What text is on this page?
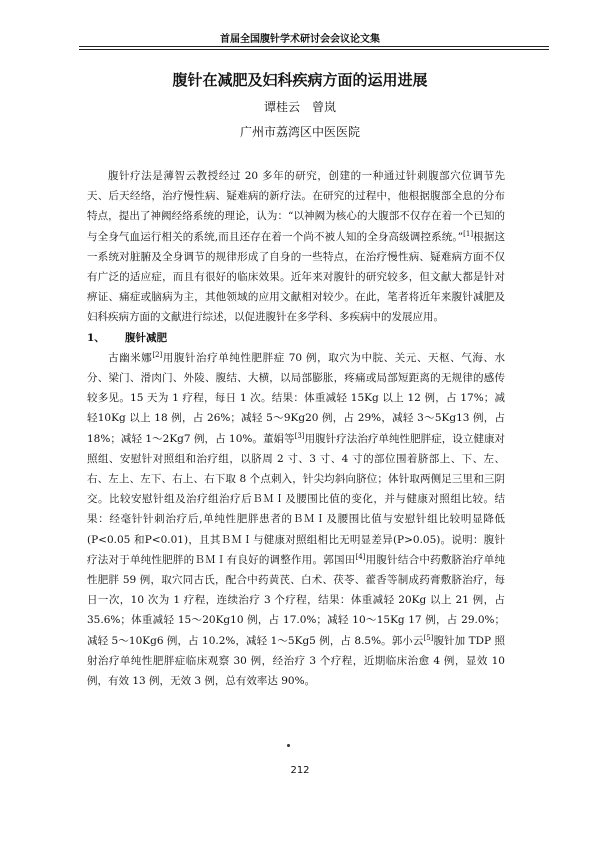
首届全国腹针学术研讨会会议论文集
腹针在减肥及妇科疾病方面的运用进展
谭桂云　曾岚
广州市荔湾区中医医院

腹针疗法是薄智云教授经过 20 多年的研究，创建的一种通过针刺腹部穴位调节先天、后天经络，治疗慢性病、疑难病的新疗法。在研究的过程中，他根据腹部全息的分布特点，提出了神阙经络系统的理论，认为：“以神阙为核心的大腹部不仅存在着一个已知的与全身气血运行相关的系统,而且还存在着一个尚不被人知的全身高级调控系统。”[1]根据这一系统对脏腑及全身调节的规律形成了自身的一些特点，在治疗慢性病、疑难病方面不仅有广泛的适应症，而且有很好的临床效果。近年来对腹针的研究较多，但文献大都是针对痹证、痛症或脑病为主，其他领域的应用文献相对较少。在此，笔者将近年来腹针减肥及妇科疾病方面的文献进行综述，以促进腹针在多学科、多疾病中的发展应用。

1、 腹针减肥

古幽米娜[2]用腹针治疗单纯性肥胖症 70 例，取穴为中脘、关元、天枢、气海、水分、梁门、滑肉门、外陵、腹结、大横，以局部膨胀，疼痛或局部短距离的无规律的感传较多见。15 天为 1 疗程，每日 1 次。结果：体重减轻 15Kg 以上 12 例，占 17%；减轻10Kg 以上 18 例，占 26%；减轻 5～9Kg20 例，占 29%，减轻 3～5Kg13 例，占 18%；减轻 1～2Kg7 例，占 10%。董娟等[3]用腹针疗法治疗单纯性肥胖症，设立健康对照组、安慰针对照组和治疗组，以脐周 2 寸、3 寸、4 寸的部位围着脐部上、下、左、右、左上、左下、右上、右下取 8 个点刺入，针尖均斜向脐位；体针取两侧足三里和三阴交。比较安慰针组及治疗组治疗后ＢＭＩ及腰围比值的变化，并与健康对照组比较。结果：经毫针针刺治疗后,单纯性肥胖患者的ＢＭＩ及腰围比值与安慰针组比较明显降低(P<0.05 和P<0.01)，且其ＢＭＩ与健康对照组相比无明显差异(P>0.05)。说明：腹针疗法对于单纯性肥胖的ＢＭＩ有良好的调整作用。郭国田[4]用腹针结合中药敷脐治疗单纯性肥胖 59 例，取穴同古氏，配合中药黄芪、白术、茯苓、藿香等制成药膏敷脐治疗，每日一次，10 次为 1 疗程，连续治疗 3 个疗程，结果：体重减轻 20Kg 以上 21 例，占 35.6%；体重减轻 15～20Kg10 例，占 17.0%；减轻 10～15Kg 17 例，占 29.0%；减轻 5～10Kg6 例，占 10.2%，减轻 1～5Kg5 例，占 8.5%。郭小云[5]腹针加 TDP 照射治疗单纯性肥胖症临床观察 30 例，经治疗 3 个疗程，近期临床治愈 4 例，显效 10 例，有效 13 例，无效 3 例，总有效率达 90%。

212
